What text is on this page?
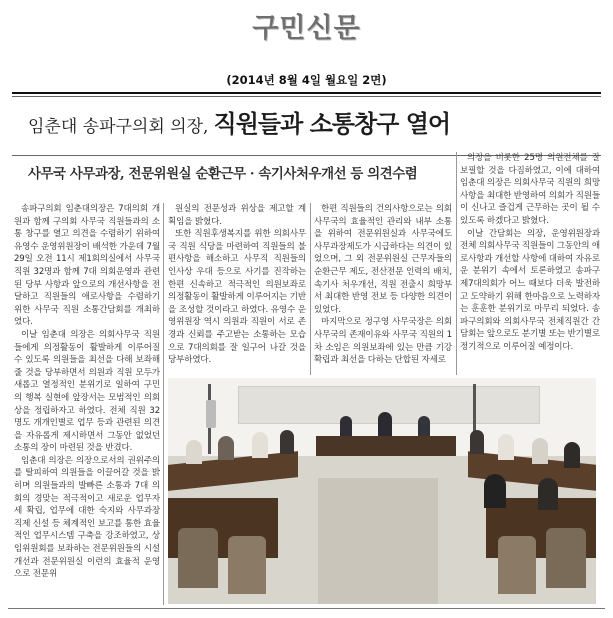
구민신문
(2014년 8월 4일 월요일 2면)
임춘대 송파구의회 의장, 직원들과 소통창구 열어
사무국 사무과장, 전문위원실 순환근무 · 속기사처우개선 등 의견수렴

송파구의회 임춘대의장은 7대의회 개원과 함께 구의회 사무국 직원들과의 소통 창구를 열고 의견을 수렴하기 위하여 유영수 운영위원장이 배석한 가운데 7월 29일 오전 11시 제1회의실에서 사무국 직원 32명과 함께 7대 의회운영과 관련된 당부 사항과 앞으로의 개선사항을 전달하고 직원들의 애로사항을 수렴하기 위한 사무국 직원 소통간담회를 개최하였다.

이날 임춘대 의장은 의회사무국 직원들에게 의정활동이 활발하게 이루어질 수 있도록 의원들을 최선을 다해 보좌해줄 것을 당부하면서 의원과 직원 모두가 새롭고 열정적인 분위기로 일하여 구민의 행복 실현에 앞장서는 모범적인 의회상을 정립하자고 하였다. 전체 직원 32명도 개개인별로 업무 등과 관련된 의견을 자유롭게 제시하면서 그동안 없었던 소통의 장이 마련된 것을 반겼다.

임춘대 의장은 의장으로서의 권위주의를 탈피하여 의원들을 이끌어갈 것을 밝히며 의원들과의 발빠른 소통과 7대 의회의 경맞는 적극적이고 새로운 업무자세 확립, 업무에 대한 숙지와 사무과장 직제 신설 등 체계적인 보고를 통한 효율적인 업무시스템 구축을 강조하였고, 상임위원회를 보좌하는 전문위원들의 시설 개선과 전문위원실 이런의 효율적 운영으로 전문위

원실의 전문성과 위상을 제고할 계획임을 밝혔다.

또한 직원후생복지를 위한 의회사무국 직원 식당을 마련하여 직원들의 불편사항을 해소하고 사무직 직원들의 인사상 우대 등으로 사기를 진작하는 한편 신속하고 적극적인 의원보좌로 의정활동이 활발하게 이루어지는 기반을 조성할 것이라고 하였다. 유영수 운영위원장 역시 의원과 직원이 서로 존경과 신뢰를 주고받는 소통하는 모습으로 7대의회를 잘 일구어 나갈 것을 당부하였다.

한편 직원들의 건의사항으로는 의회사무국의 효율적인 관리와 내부 소통을 위하여 전문위원실과 사무국에도 사무과장제도가 시급하다는 의견이 있었으며, 그 외 전문위원실 근무자들의 순환근무 제도, 전산전문 인력의 배치, 속기사 처우개선, 직원 전출시 희망부서 최대한 반영 전보 등 다양한 의견이 있었다.

마지막으로 정구영 사무국장은 의회사무국의 존재이유와 사무국 직원의 1차 소임은 의원보좌에 있는 만큼 기강 확립과 최선을 다하는 단합된 자세로

의장을 비롯한 25명 의원전체를 잘 보필할 것을 다짐하였고, 이에 대하여 임춘대 의장은 의회사무국 직원의 희망사항을 최대한 반영하여 의회가 직원들이 신나고 즐겁게 근무하는 곳이 될 수 있도록 하겠다고 밝혔다.

이날 간담회는 의장, 운영위원장과 전체 의회사무국 직원들이 그동안의 애로사항과 개선할 사항에 대하여 자유로운 분위기 속에서 토론하였고 송파구 제7대의회가 어느 때보다 더욱 발전하고 도약하기 위해 한마음으로 노력하자는 훈훈한 분위기로 마무리 되었다. 송파구의회와 의회사무국 전체직원간 간담회는 앞으로도 분기별 또는 반기별로 정기적으로 이루어질 예정이다.
